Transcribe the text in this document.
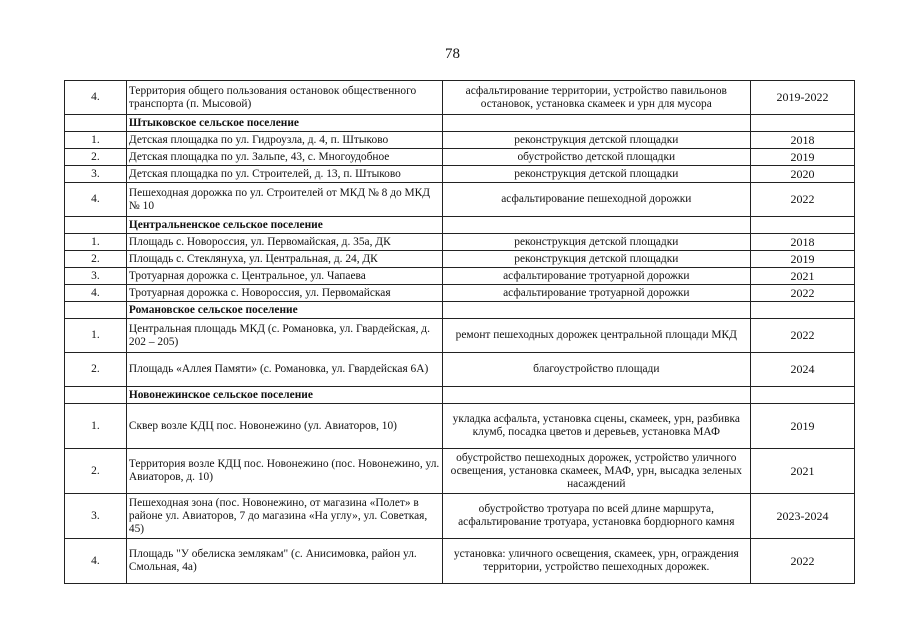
78
4.	Территория общего пользования остановок общественного транспорта (п. Мысовой)	асфальтирование территории, устройство павильонов остановок, установка скамеек и урн для мусора	2019-2022
	Штыковское сельское поселение		
1.	Детская площадка по ул. Гидроузла, д. 4, п. Штыково	реконструкция детской площадки	2018
2.	Детская площадка по ул. Зальпе, 43, с. Многоудобное	обустройство детской площадки	2019
3.	Детская площадка по ул. Строителей, д. 13, п. Штыково	реконструкция детской площадки	2020
4.	Пешеходная дорожка по ул. Строителей от МКД № 8 до МКД № 10	асфальтирование пешеходной дорожки	2022
	Центральненское сельское поселение		
1.	Площадь с. Новороссия, ул. Первомайская, д. 35а, ДК	реконструкция детской площадки	2018
2.	Площадь с. Стеклянуха, ул. Центральная, д. 24, ДК	реконструкция детской площадки	2019
3.	Тротуарная дорожка с. Центральное, ул. Чапаева	асфальтирование тротуарной дорожки	2021
4.	Тротуарная дорожка с. Новороссия, ул. Первомайская	асфальтирование тротуарной дорожки	2022
	Романовское сельское поселение		
1.	Центральная площадь МКД (с. Романовка, ул. Гвардейская, д. 202 – 205)	ремонт пешеходных дорожек центральной площади МКД	2022
2.	Площадь «Аллея Памяти» (с. Романовка, ул. Гвардейская 6А)	благоустройство площади	2024
	Новонежинское сельское поселение		
1.	Сквер возле КДЦ пос. Новонежино (ул. Авиаторов, 10)	укладка асфальта, установка сцены, скамеек, урн, разбивка клумб, посадка цветов и деревьев, установка МАФ	2019
2.	Территория возле КДЦ пос. Новонежино (пос. Новонежино, ул. Авиаторов, д. 10)	обустройство пешеходных дорожек, устройство уличного освещения, установка скамеек, МАФ, урн, высадка зеленых насаждений	2021
3.	Пешеходная зона (пос. Новонежино, от магазина «Полет» в районе ул. Авиаторов, 7 до магазина «На углу», ул. Советкая, 45)	обустройство тротуара по всей длине маршрута, асфальтирование тротуара, установка бордюрного камня	2023-2024
4.	Площадь "У обелиска землякам" (с. Анисимовка, район ул. Смольная, 4а)	установка: уличного освещения, скамеек, урн, ограждения территории, устройство пешеходных дорожек.	2022
